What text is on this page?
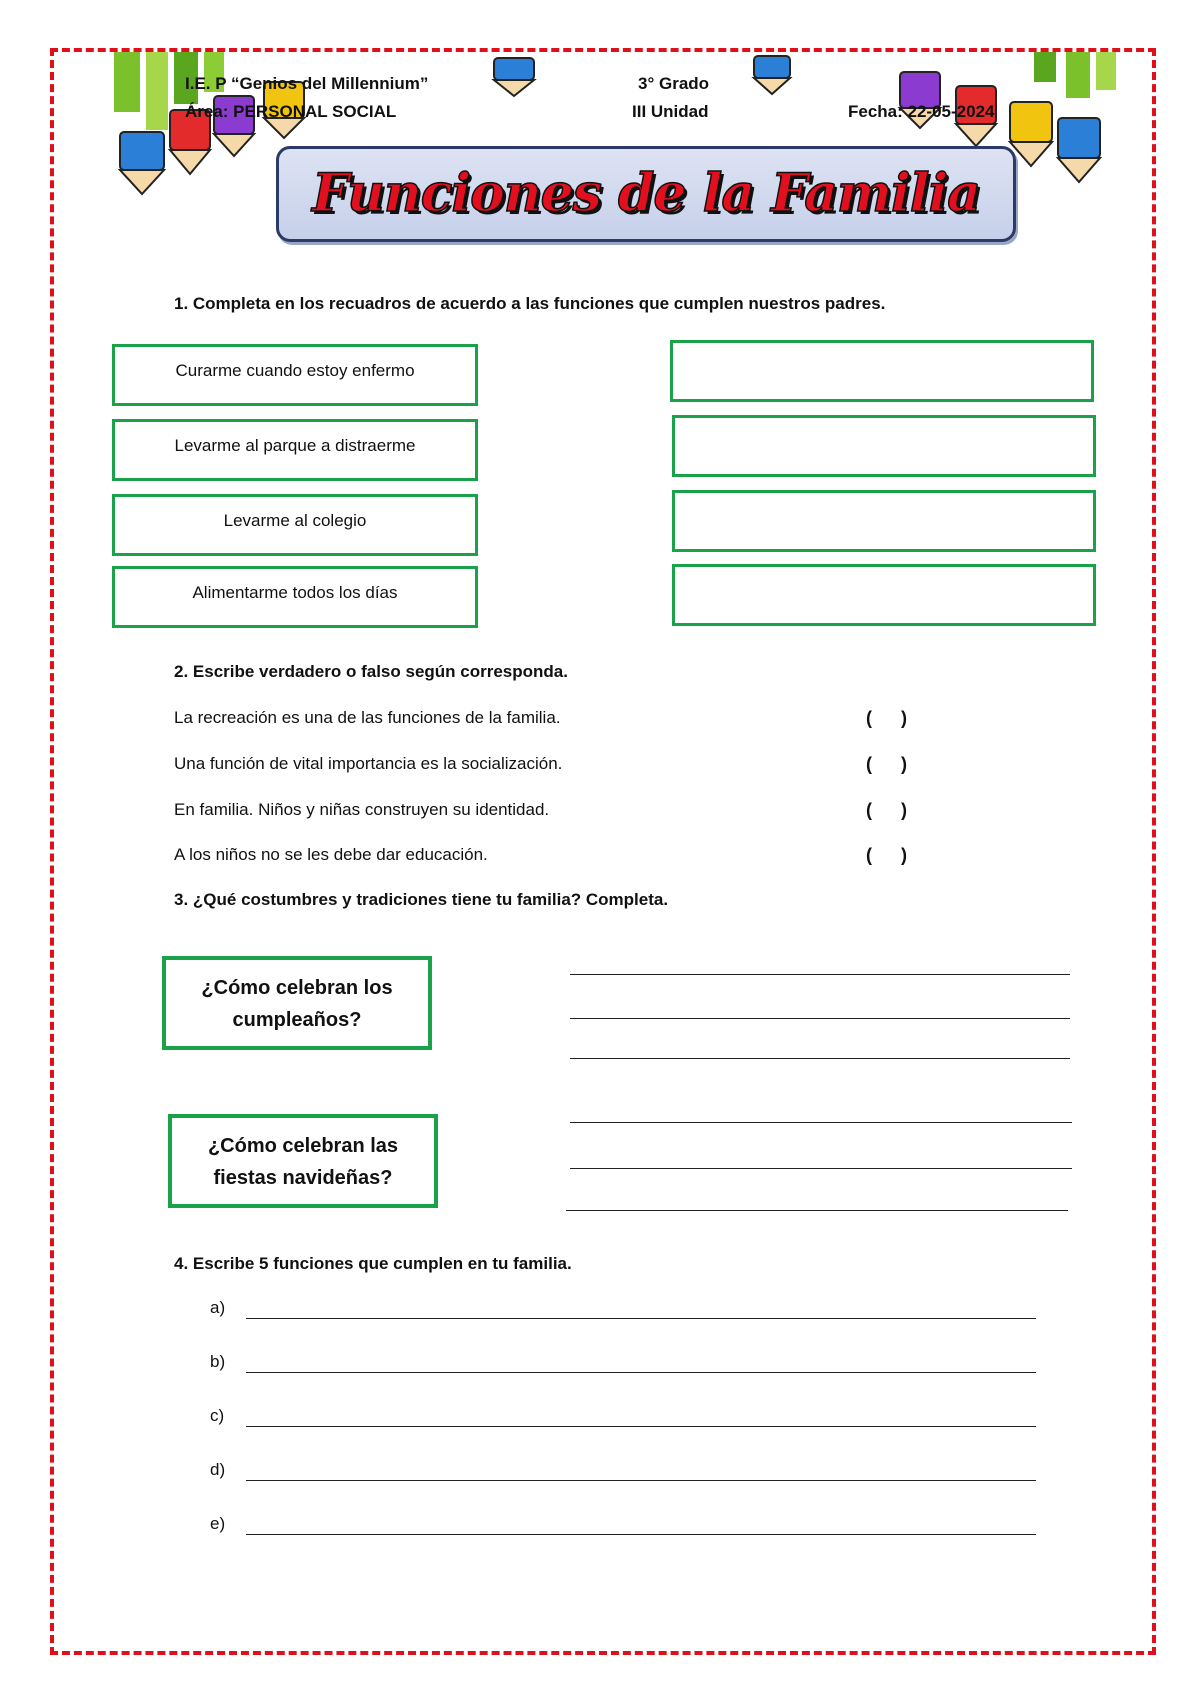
I.E. P “Genios del Millennium”	3° Grado
Área: PERSONAL SOCIAL	III Unidad	Fecha: 22-05-2024
Funciones de la Familia
1. Completa en los recuadros de acuerdo a las funciones que cumplen nuestros padres.
Curarme cuando estoy enfermo
Levarme al parque a distraerme
Levarme al colegio
Alimentarme todos los días
2. Escribe verdadero o falso según corresponda.
La recreación es una de las funciones de la familia.	( )
Una función de vital importancia es la socialización.	( )
En familia. Niños y niñas construyen su identidad.	( )
A los niños no se les debe dar educación.	( )
3. ¿Qué costumbres y tradiciones tiene tu familia? Completa.
¿Cómo celebran los
cumpleaños?
¿Cómo celebran las
fiestas navideñas?
4. Escribe 5 funciones que cumplen en tu familia.
a)
b)
c)
d)
e)
